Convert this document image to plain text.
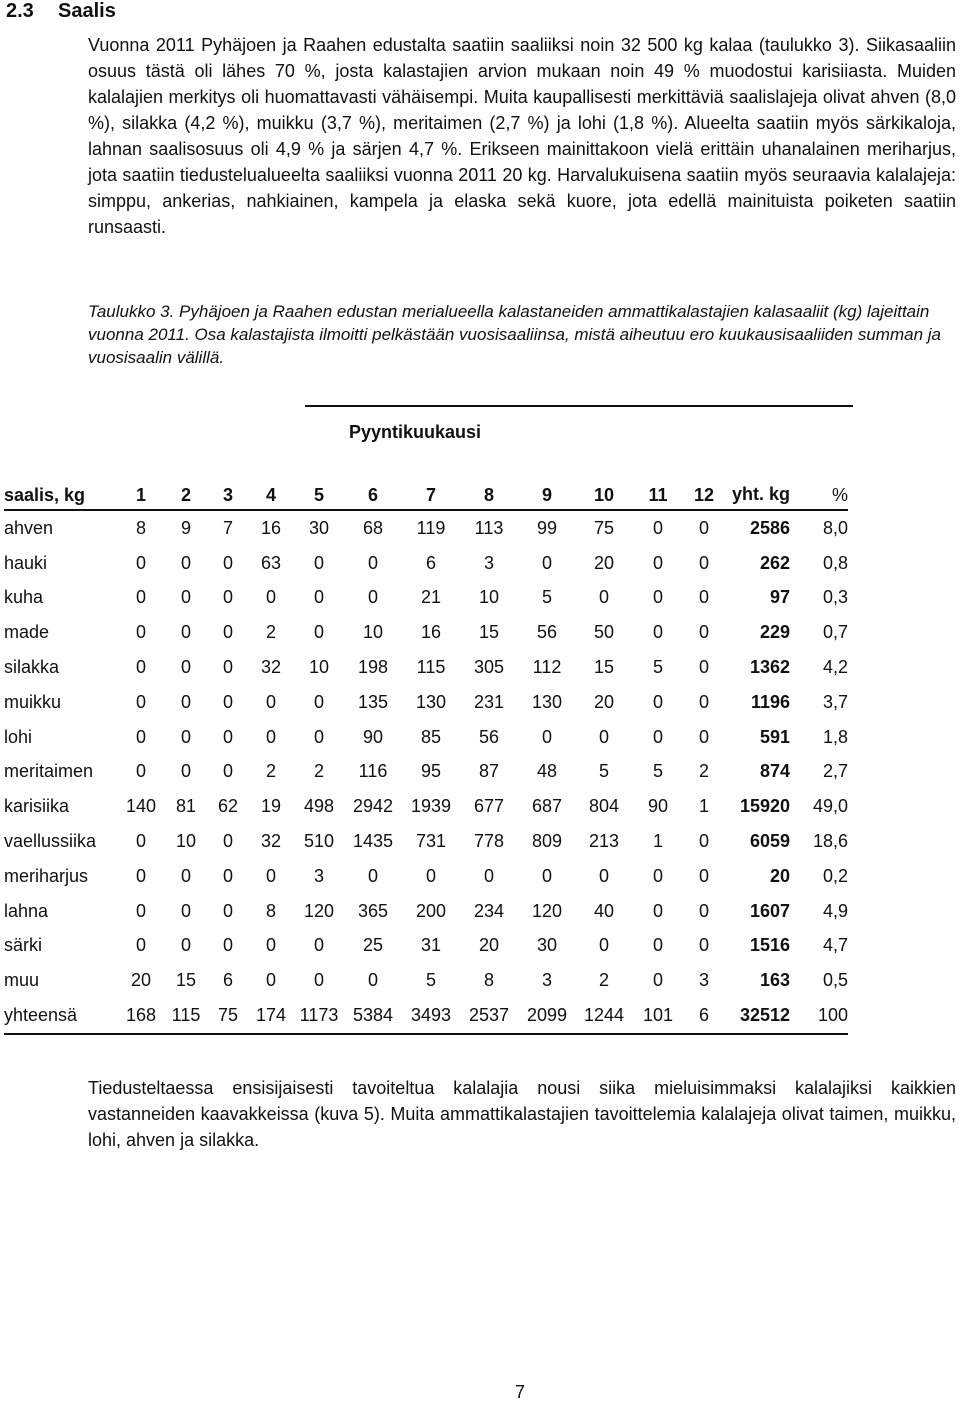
2.3 Saalis

Vuonna 2011 Pyhäjoen ja Raahen edustalta saatiin saaliiksi noin 32 500 kg kalaa (taulukko 3). Siikasaaliin osuus tästä oli lähes 70 %, josta kalastajien arvion mukaan noin 49 % muodostui karisiiasta. Muiden kalalajien merkitys oli huomattavasti vähäisempi. Muita kaupallisesti merkittäviä saalislajeja olivat ahven (8,0 %), silakka (4,2 %), muikku (3,7 %), meritaimen (2,7 %) ja lohi (1,8 %). Alueelta saatiin myös särkikaloja, lahnan saalisosuus oli 4,9 % ja särjen 4,7 %. Erikseen mainittakoon vielä erittäin uhanalainen meriharjus, jota saatiin tiedustelualueelta saaliiksi vuonna 2011 20 kg. Harvalukuisena saatiin myös seuraavia kalalajeja: simppu, ankerias, nahkiainen, kampela ja elaska sekä kuore, jota edellä mainituista poiketen saatiin runsaasti.

Taulukko 3. Pyhäjoen ja Raahen edustan merialueella kalastaneiden ammattikalastajien kalasaaliit (kg) lajeittain vuonna 2011. Osa kalastajista ilmoitti pelkästään vuosisaaliinsa, mistä aiheutuu ero kuukausisaaliiden summan ja vuosisaalin välillä.

Pyyntikuukausi
saalis, kg	1	2	3	4	5	6	7	8	9	10	11	12	yht. kg	%
ahven	8	9	7	16	30	68	119	113	99	75	0	0	2586	8,0
hauki	0	0	0	63	0	0	6	3	0	20	0	0	262	0,8
kuha	0	0	0	0	0	0	21	10	5	0	0	0	97	0,3
made	0	0	0	2	0	10	16	15	56	50	0	0	229	0,7
silakka	0	0	0	32	10	198	115	305	112	15	5	0	1362	4,2
muikku	0	0	0	0	0	135	130	231	130	20	0	0	1196	3,7
lohi	0	0	0	0	0	90	85	56	0	0	0	0	591	1,8
meritaimen	0	0	0	2	2	116	95	87	48	5	5	2	874	2,7
karisiika	140	81	62	19	498	2942	1939	677	687	804	90	1	15920	49,0
vaellussiika	0	10	0	32	510	1435	731	778	809	213	1	0	6059	18,6
meriharjus	0	0	0	0	3	0	0	0	0	0	0	0	20	0,2
lahna	0	0	0	8	120	365	200	234	120	40	0	0	1607	4,9
särki	0	0	0	0	0	25	31	20	30	0	0	0	1516	4,7
muu	20	15	6	0	0	0	5	8	3	2	0	3	163	0,5
yhteensä	168	115	75	174	1173	5384	3493	2537	2099	1244	101	6	32512	100

Tiedusteltaessa ensisijaisesti tavoiteltua kalalajia nousi siika mieluisimmaksi kalalajiksi kaikkien vastanneiden kaavakkeissa (kuva 5). Muita ammattikalastajien tavoittelemia kalalajeja olivat taimen, muikku, lohi, ahven ja silakka.

7
